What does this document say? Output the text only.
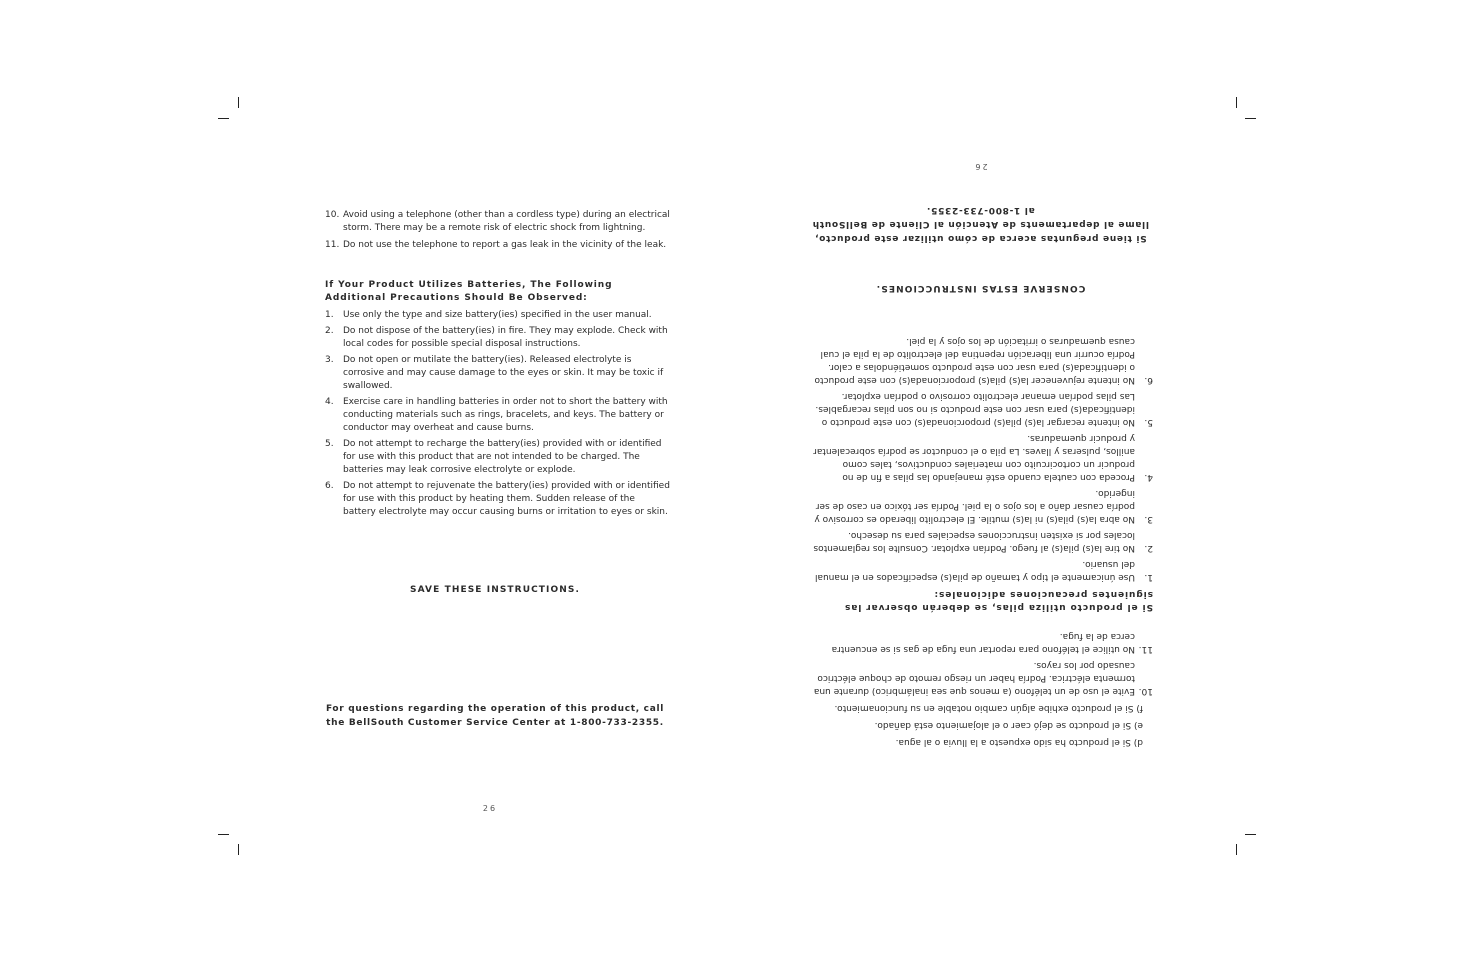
10. Avoid using a telephone (other than a cordless type) during an electrical storm. There may be a remote risk of electric shock from lightning.
11. Do not use the telephone to report a gas leak in the vicinity of the leak.
If Your Product Utilizes Batteries, The Following Additional Precautions Should Be Observed:
1.	Use only the type and size battery(ies) specified in the user manual.
2.	Do not dispose of the battery(ies) in fire. They may explode. Check with local codes for possible special disposal instructions.
3.	Do not open or mutilate the battery(ies). Released electrolyte is corrosive and may cause damage to the eyes or skin. It may be toxic if swallowed.
4.	Exercise care in handling batteries in order not to short the battery with conducting materials such as rings, bracelets, and keys. The battery or conductor may overheat and cause burns.
5.	Do not attempt to recharge the battery(ies) provided with or identified for use with this product that are not intended to be charged. The batteries may leak corrosive electrolyte or explode.
6.	Do not attempt to rejuvenate the battery(ies) provided with or identified for use with this product by heating them. Sudden release of the battery electrolyte may occur causing burns or irritation to eyes or skin.
SAVE THESE INSTRUCTIONS.
For questions regarding the operation of this product, call the BellSouth Customer Service Center at 1-800-733-2355.
26
d) Si el producto ha sido expuesto a la lluvia o al agua.
e) Si el producto se dejó caer o el alojamiento está dañado.
f) Si el producto exhibe algún cambio notable en su funcionamiento.
10.
Evite el uso de un teléfono (a menos que sea inalámbrico) durante una tormenta eléctrica. Podría haber un riesgo remoto de choque eléctrico causado por los rayos.
11.
No utilice el teléfono para reportar una fuga de gas si se encuentra cerca de la fuga.
Si el producto utiliza pilas, se deberán observar las siguientes precauciones adicionales:
1.
Use únicamente el tipo y tamaño de pila(s) especificados en el manual del usuario.
2.
No tire la(s) pila(s) al fuego. Podrían explotar. Consulte los reglamentos locales por si existen instrucciones especiales para su desecho.
3.
No abra la(s) pila(s) ni la(s) mutile. El electrolito liberado es corrosivo y podría causar daño a los ojos o la piel. Podría ser tóxico en caso de ser ingerido.
4.
Proceda con cautela cuando esté manejando las pilas a fin de no producir un cortocircuito con materiales conductivos, tales como anillos, pulseras y llaves. La pila o el conductor se podría sobrecalentar y producir quemaduras.
5.
No intente recargar la(s) pila(s) proporcionada(s) con este producto o identificada(s) para usar con este producto si no son pilas recargables. Las pilas podrían emanar electrolito corrosivo o podrían explotar.
6.
No intente rejuvenecer la(s) pila(s) proporcionada(s) con este producto o identificada(s) para usar con este producto sometiéndolas a calor. Podría ocurrir una liberación repentina del electrolito de la pila el cual causa quemaduras o irritación de los ojos y la piel.
CONSERVE ESTAS INSTRUCCIONES.
Si tiene preguntas acerca de cómo utilizar este producto, llame al departaments de Atención al Cliente de BellSouth al 1-800-733-2355.
26
